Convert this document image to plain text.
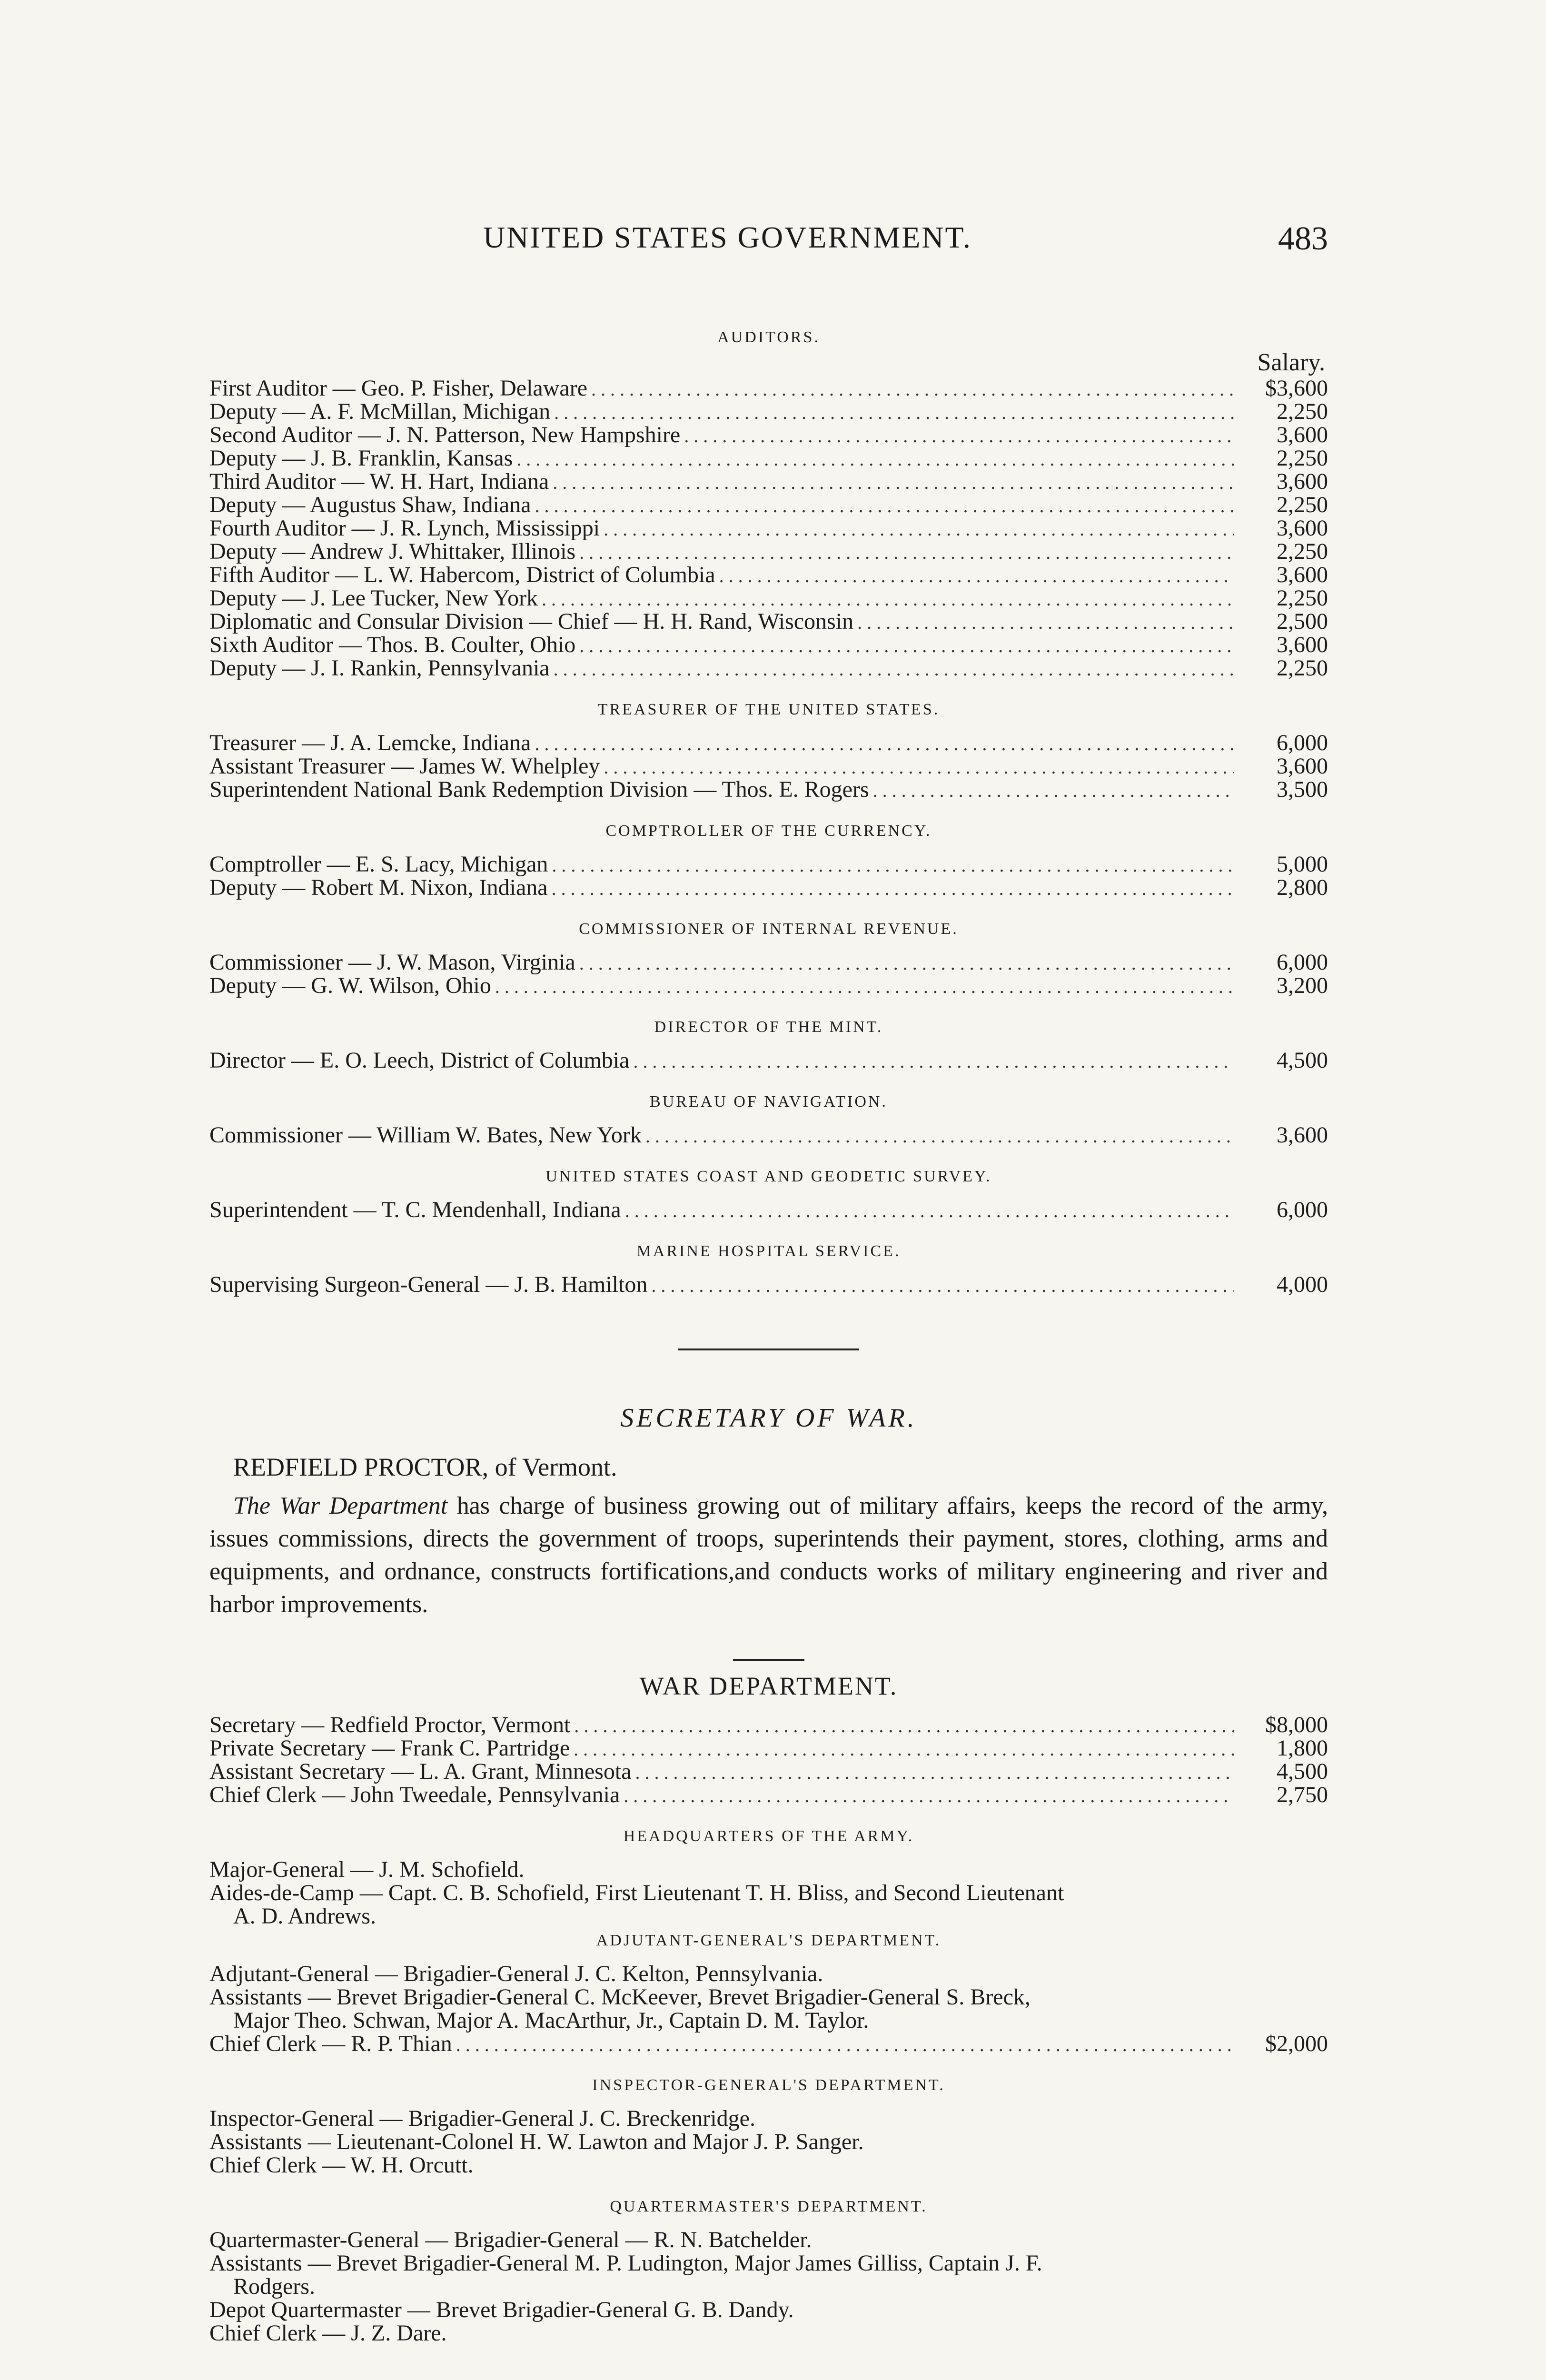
UNITED STATES GOVERNMENT.	483
AUDITORS.
Salary.
First Auditor — Geo. P. Fisher, Delaware .....	$3,600
Deputy — A. F. McMillan, Michigan .....	2,250
Second Auditor — J. N. Patterson, New Hampshire .....	3,600
Deputy — J. B. Franklin, Kansas .....	2,250
Third Auditor — W. H. Hart, Indiana .....	3,600
Deputy — Augustus Shaw, Indiana .....	2,250
Fourth Auditor — J. R. Lynch, Mississippi .....	3,600
Deputy — Andrew J. Whittaker, Illinois .....	2,250
Fifth Auditor — L. W. Habercom, District of Columbia .....	3,600
Deputy — J. Lee Tucker, New York .....	2,250
Diplomatic and Consular Division — Chief — H. H. Rand, Wisconsin .....	2,500
Sixth Auditor — Thos. B. Coulter, Ohio .....	3,600
Deputy — J. I. Rankin, Pennsylvania .....	2,250
TREASURER OF THE UNITED STATES.
Treasurer — J. A. Lemcke, Indiana .....	6,000
Assistant Treasurer — James W. Whelpley .....	3,600
Superintendent National Bank Redemption Division — Thos. E. Rogers .....	3,500
COMPTROLLER OF THE CURRENCY.
Comptroller — E. S. Lacy, Michigan .....	5,000
Deputy — Robert M. Nixon, Indiana .....	2,800
COMMISSIONER OF INTERNAL REVENUE.
Commissioner — J. W. Mason, Virginia .....	6,000
Deputy — G. W. Wilson, Ohio .....	3,200
DIRECTOR OF THE MINT.
Director — E. O. Leech, District of Columbia .....	4,500
BUREAU OF NAVIGATION.
Commissioner — William W. Bates, New York .....	3,600
UNITED STATES COAST AND GEODETIC SURVEY.
Superintendent — T. C. Mendenhall, Indiana .....	6,000
MARINE HOSPITAL SERVICE.
Supervising Surgeon-General — J. B. Hamilton .....	4,000
SECRETARY OF WAR.
REDFIELD PROCTOR, of Vermont.
The War Department has charge of business growing out of military affairs, keeps the record of the army, issues commissions, directs the government of troops, superintends their payment, stores, clothing, arms and equipments, and ordnance, constructs fortifications,and conducts works of military engineering and river and harbor improvements.
WAR DEPARTMENT.
Secretary — Redfield Proctor, Vermont .....	$8,000
Private Secretary — Frank C. Partridge .....	1,800
Assistant Secretary — L. A. Grant, Minnesota .....	4,500
Chief Clerk — John Tweedale, Pennsylvania .....	2,750
HEADQUARTERS OF THE ARMY.
Major-General — J. M. Schofield.
Aides-de-Camp — Capt. C. B. Schofield, First Lieutenant T. H. Bliss, and Second Lieutenant
A. D. Andrews.
ADJUTANT-GENERAL'S DEPARTMENT.
Adjutant-General — Brigadier-General J. C. Kelton, Pennsylvania.
Assistants — Brevet Brigadier-General C. McKeever, Brevet Brigadier-General S. Breck,
Major Theo. Schwan, Major A. MacArthur, Jr., Captain D. M. Taylor.
Chief Clerk — R. P. Thian .....	$2,000
INSPECTOR-GENERAL'S DEPARTMENT.
Inspector-General — Brigadier-General J. C. Breckenridge.
Assistants — Lieutenant-Colonel H. W. Lawton and Major J. P. Sanger.
Chief Clerk — W. H. Orcutt.
QUARTERMASTER'S DEPARTMENT.
Quartermaster-General — Brigadier-General — R. N. Batchelder.
Assistants — Brevet Brigadier-General M. P. Ludington, Major James Gilliss, Captain J. F.
Rodgers.
Depot Quartermaster — Brevet Brigadier-General G. B. Dandy.
Chief Clerk — J. Z. Dare.
